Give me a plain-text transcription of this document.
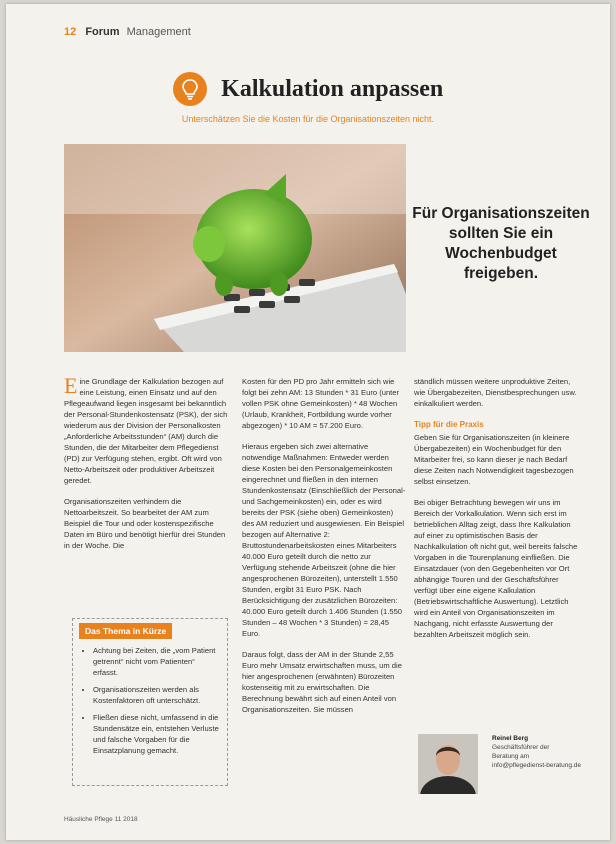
12 Forum Management
Kalkulation anpassen
Unterschätzen Sie die Kosten für die Organisationszeiten nicht.
Für Organisationszeiten sollten Sie ein Wochenbudget freigeben.

Eine Grundlage der Kalkulation bezogen auf eine Leistung, einen Einsatz und auf den Pflegeaufwand liegen insgesamt bei bekanntlich der Personal-Stundenkostensatz (PSK), der sich wiederum aus der Division der Personalkosten „Anforderliche Arbeitsstunden“ (AM) durch die Stunden, die der Mitarbeiter dem Pflegedienst (PD) zur Verfügung stehen, ergibt. Oft wird von Netto-Arbeitszeit oder produktiver Arbeitszeit geredet.

Organisationszeiten verhindern die Nettoarbeitszeit. So bearbeitet der AM zum Beispiel die Tour und oder kostenspezifische Daten im Büro und benötigt hierfür drei Stunden in der Woche. Die

Kosten für den PD pro Jahr ermitteln sich wie folgt bei zehn AM: 13 Stunden * 31 Euro (unter vollen PSK ohne Gemeinkosten) * 48 Wochen (Urlaub, Krankheit, Fortbildung wurde vorher abgezogen) * 10 AM = 57.200 Euro.

Hieraus ergeben sich zwei alternative notwendige Maßnahmen: Entweder werden diese Kosten bei den Personalgemeinkosten eingerechnet und fließen in den internen Stundenkostensatz (Einschließlich der Personal- und Sachgemeinkosten) ein, oder es wird bereits der PSK (siehe oben) Gemeinkosten) des AM reduziert und ausgewiesen. Ein Beispiel bezogen auf Alternative 2: Bruttostundenarbeitskosten eines Mitarbeiters 40.000 Euro geteilt durch die netto zur Verfügung stehende Arbeitszeit (ohne die hier angesprochenen Bürozeiten), unterstellt 1.550 Stunden, ergibt 31 Euro PSK. Nach Berücksichtigung der zusätzlichen Bürozeiten: 40.000 Euro geteilt durch 1.406 Stunden (1.550 Stunden – 48 Wochen * 3 Stunden) = 28,45 Euro.

Daraus folgt, dass der AM in der Stunde 2,55 Euro mehr Umsatz erwirtschaften muss, um die hier angesprochenen (erwähnten) Bürozeiten kostenseitig mit zu erwirtschaften. Die Berechnung bewährt sich auf einen Anteil von Organisationszeiten. Sie müssen

ständlich müssen weitere unproduktive Zeiten, wie Übergabezeiten, Dienstbesprechungen usw. einkalkuliert werden.

Tipp für die Praxis

Geben Sie für Organisationszeiten (in kleinere Übergabezeiten) ein Wochenbudget für den Mitarbeiter frei, so kann dieser je nach Bedarf diese Zeiten nach Notwendigkeit tagesbezogen selbst einsetzen.

Bei obiger Betrachtung bewegen wir uns im Bereich der Vorkalkulation. Wenn sich erst im betrieblichen Alltag zeigt, dass Ihre Kalkulation auf einer zu optimistischen Basis der Nachkalkulation oft nicht gut, weil bereits falsche Vorgaben in die Tourenplanung einfließen. Die Einsatzdauer (von den Gegebenheiten vor Ort abhängige Touren und der Geschäftsführer verfügt über eine eigene Kalkulation (Betriebswirtschaftliche Auswertung). Letztlich wird ein Anteil von Organisationszeiten im Nachgang, nicht erfasste Auswertung der bezahlten Arbeitszeit möglich sein.

Das Thema in Kürze
• Achtung bei Zeiten, die „vom Patient getrennt“ nicht vom Patienten“ erfasst.
• Organisationszeiten werden als Kostenfaktoren oft unterschätzt.
• Fließen diese nicht, umfassend in die Stundensätze ein, entstehen Verluste und falsche Vorgaben für die Einsatzplanung gemacht.
Reinel Berg
Geschäftsführer der
Beratung am
info@pflegedienst-beratung.de
Häusliche Pflege 11 2018
